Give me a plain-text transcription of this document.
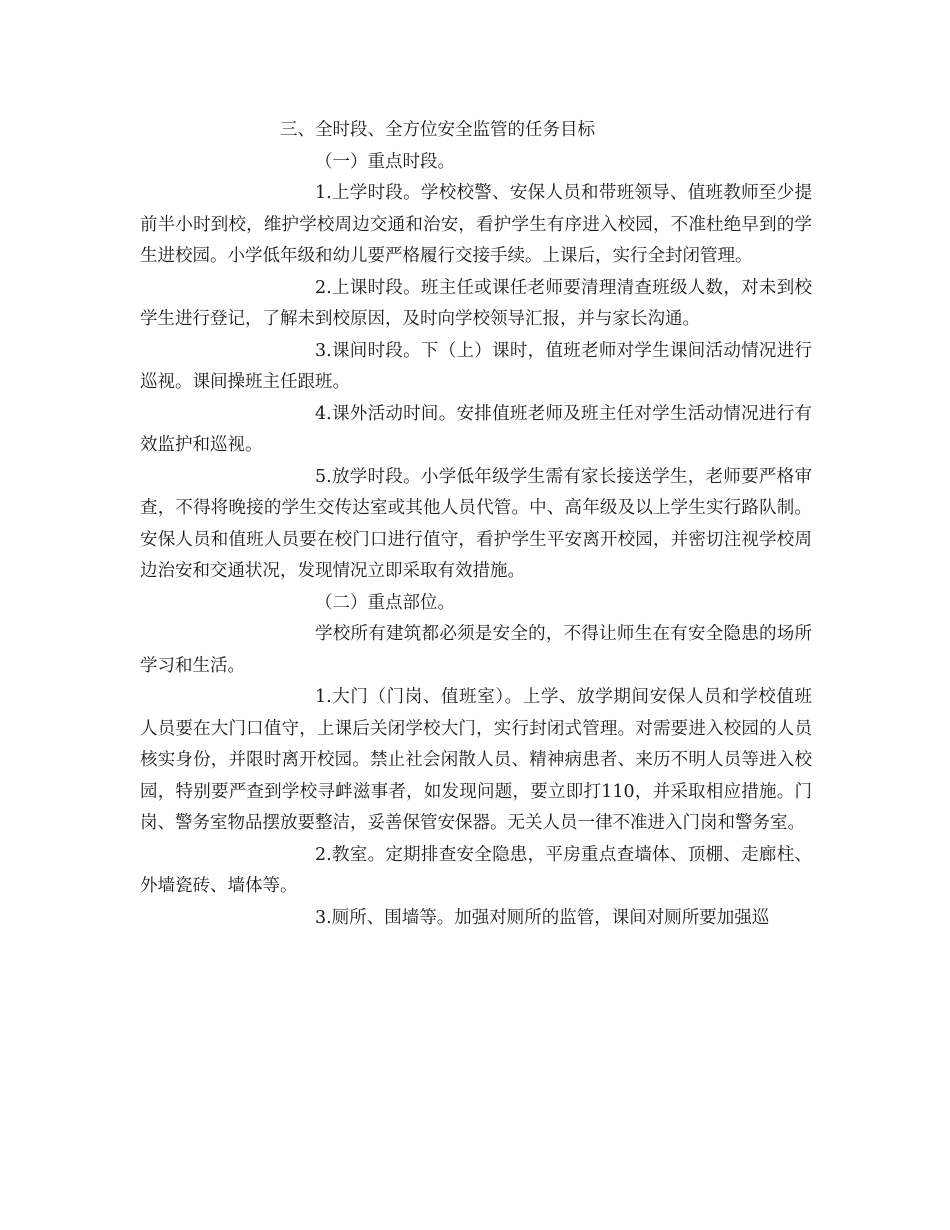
三、全时段、全方位安全监管的任务目标

（一）重点时段。

1.上学时段。学校校警、安保人员和带班领导、值班教师至少提前半小时到校，维护学校周边交通和治安，看护学生有序进入校园，不准杜绝早到的学生进校园。小学低年级和幼儿要严格履行交接手续。上课后，实行全封闭管理。

2.上课时段。班主任或课任老师要清理清查班级人数，对未到校学生进行登记，了解未到校原因，及时向学校领导汇报，并与家长沟通。

3.课间时段。下（上）课时，值班老师对学生课间活动情况进行巡视。课间操班主任跟班。

4.课外活动时间。安排值班老师及班主任对学生活动情况进行有效监护和巡视。

5.放学时段。小学低年级学生需有家长接送学生，老师要严格审查，不得将晚接的学生交传达室或其他人员代管。中、高年级及以上学生实行路队制。安保人员和值班人员要在校门口进行值守，看护学生平安离开校园，并密切注视学校周边治安和交通状况，发现情况立即采取有效措施。

（二）重点部位。

学校所有建筑都必须是安全的，不得让师生在有安全隐患的场所学习和生活。

1.大门（门岗、值班室）。上学、放学期间安保人员和学校值班人员要在大门口值守，上课后关闭学校大门，实行封闭式管理。对需要进入校园的人员核实身份，并限时离开校园。禁止社会闲散人员、精神病患者、来历不明人员等进入校园，特别要严查到学校寻衅滋事者，如发现问题，要立即打110，并采取相应措施。门岗、警务室物品摆放要整洁，妥善保管安保器。无关人员一律不准进入门岗和警务室。

2.教室。定期排查安全隐患，平房重点查墙体、顶棚、走廊柱、外墙瓷砖、墙体等。

3.厕所、围墙等。加强对厕所的监管，课间对厕所要加强巡
